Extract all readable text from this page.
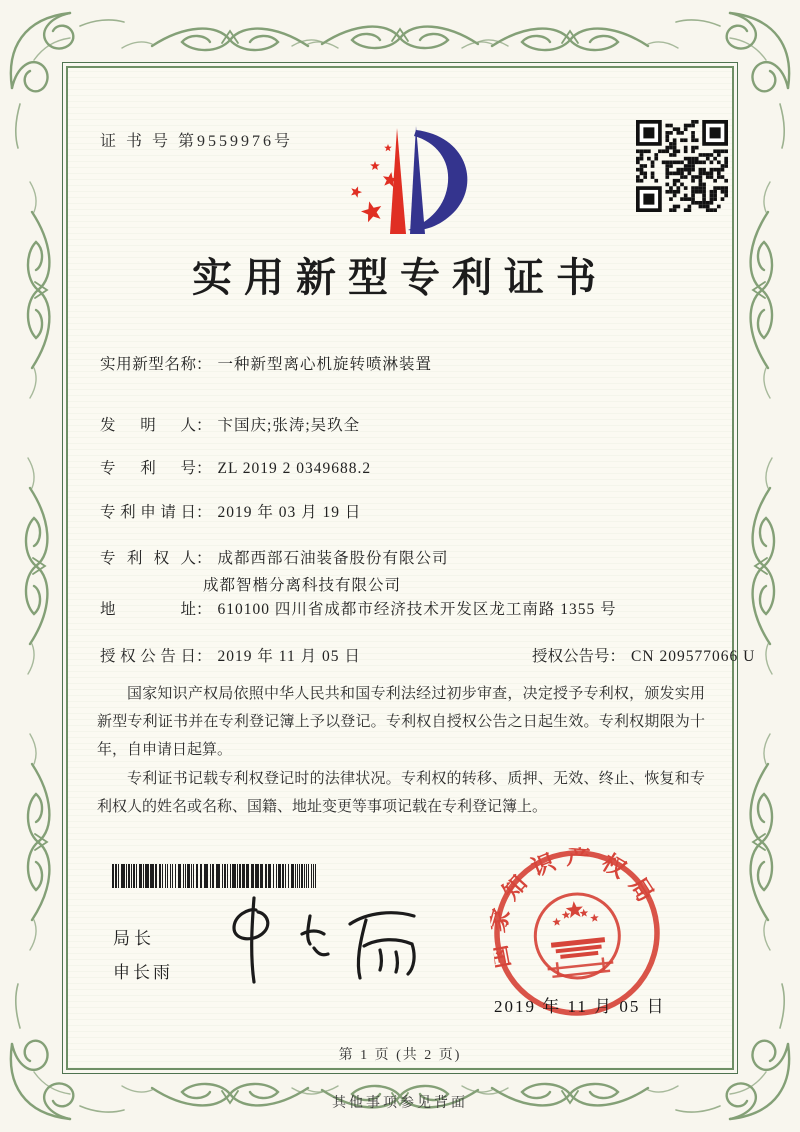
证 书 号 第9559976号
实用新型专利证书
实用新型名称： 一种新型离心机旋转喷淋装置
发明人： 卞国庆;张涛;吴玖全
专利号： ZL 2019 2 0349688.2
专利申请日： 2019 年 03 月 19 日
专利权人： 成都西部石油装备股份有限公司
成都智楷分离科技有限公司
地址： 610100 四川省成都市经济技术开发区龙工南路 1355 号
授权公告日： 2019 年 11 月 05 日	授权公告号： CN 209577066 U

国家知识产权局依照中华人民共和国专利法经过初步审查，决定授予专利权，颁发实用新型专利证书并在专利登记簿上予以登记。专利权自授权公告之日起生效。专利权期限为十年，自申请日起算。

专利证书记载专利权登记时的法律状况。专利权的转移、质押、无效、终止、恢复和专利权人的姓名或名称、国籍、地址变更等事项记载在专利登记簿上。

局长
申长雨
国家知识产权局
2019 年 11 月 05 日
第 1 页 (共 2 页)
其他事项参见背面
